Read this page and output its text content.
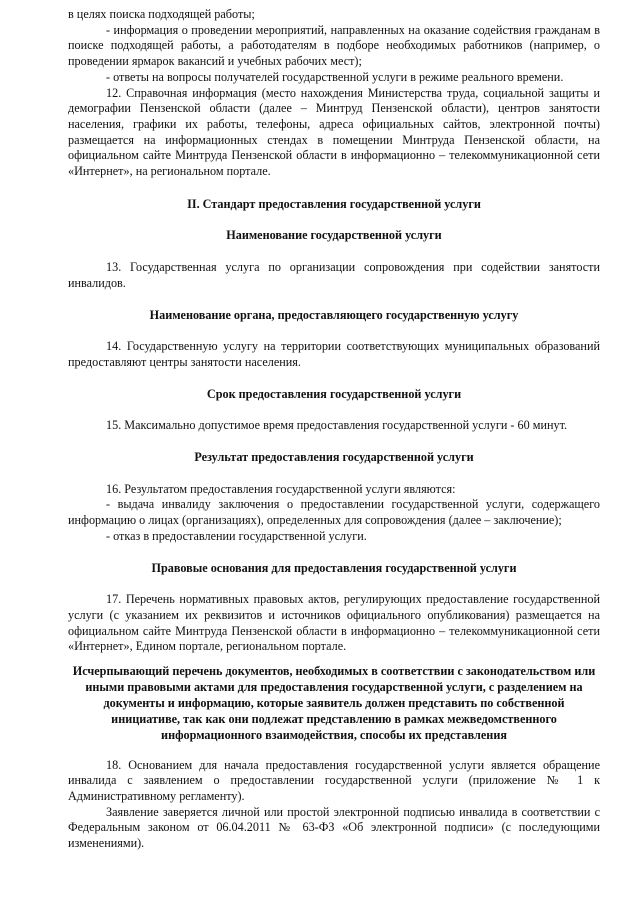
в целях поиска подходящей работы;

- информация о проведении мероприятий, направленных на оказание содействия гражданам в поиске подходящей работы, а работодателям в подборе необходимых работников (например, о проведении ярмарок вакансий и учебных рабочих мест);

- ответы на вопросы получателей государственной услуги в режиме реального времени.

12. Справочная информация (место нахождения Министерства труда, социальной защиты и демографии Пензенской области (далее – Минтруд Пензенской области), центров занятости населения, графики их работы, телефоны, адреса официальных сайтов, электронной почты) размещается на информационных стендах в помещении Минтруда Пензенской области, на официальном сайте Минтруда Пензенской области в информационно – телекоммуникационной сети «Интернет», на региональном портале.

II. Стандарт предоставления государственной услуги
Наименование государственной услуги

13. Государственная услуга по организации сопровождения при содействии занятости инвалидов.

Наименование органа, предоставляющего государственную услугу

14. Государственную услугу на территории соответствующих муниципальных образований предоставляют центры занятости населения.

Срок предоставления государственной услуги

15. Максимально допустимое время предоставления государственной услуги - 60 минут.

Результат предоставления государственной услуги

16. Результатом предоставления государственной услуги являются:

- выдача инвалиду заключения о предоставлении государственной услуги, содержащего информацию о лицах (организациях), определенных для сопровождения (далее – заключение);

- отказ в предоставлении государственной услуги.

Правовые основания для предоставления государственной услуги

17. Перечень нормативных правовых актов, регулирующих предоставление государственной услуги (с указанием их реквизитов и источников официального опубликования) размещается на официальном сайте Минтруда Пензенской области в информационно – телекоммуникационной сети «Интернет», Едином портале, региональном портале.

Исчерпывающий перечень документов, необходимых в соответствии с законодательством или иными правовыми актами для предоставления государственной услуги, с разделением на документы и информацию, которые заявитель должен представить по собственной инициативе, так как они подлежат представлению в рамках межведомственного информационного взаимодействия, способы их представления

18. Основанием для начала предоставления государственной услуги является обращение инвалида с заявлением о предоставлении государственной услуги (приложение № 1 к Административному регламенту).

Заявление заверяется личной или простой электронной подписью инвалида в соответствии с Федеральным законом от 06.04.2011 № 63-ФЗ «Об электронной подписи» (с последующими изменениями).
